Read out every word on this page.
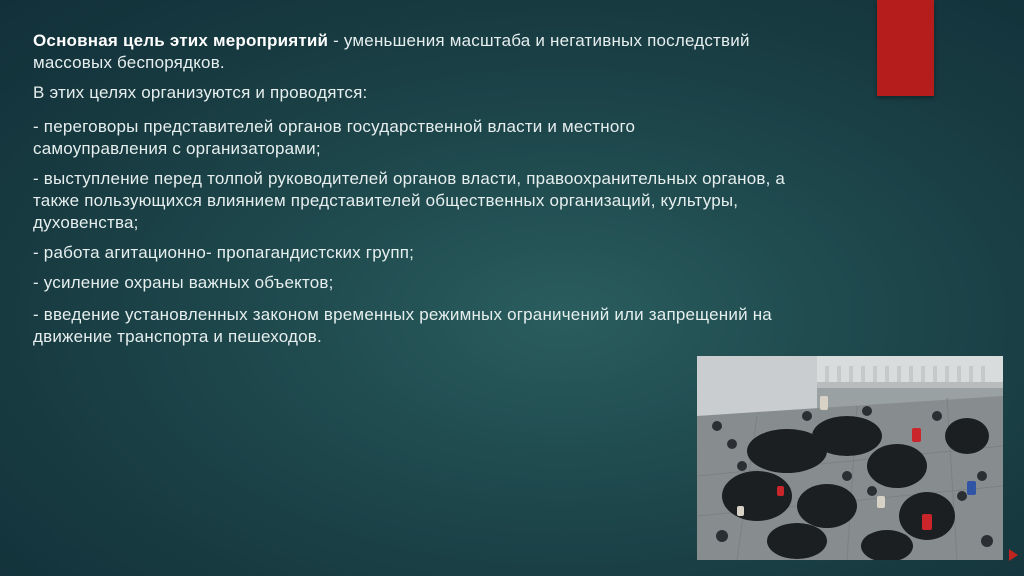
Основная цель этих мероприятий - уменьшения масштаба и негативных последствий массовых беспорядков.

В этих целях организуются и проводятся:

- переговоры представителей органов государственной власти и местного самоуправления с организаторами;

- выступление перед толпой руководителей органов власти, правоохранительных органов, а также пользующихся влиянием представителей общественных организаций, культуры, духовенства;

- работа агитационно- пропагандистских групп;

- усиление охраны важных объектов;

- введение установленных законом временных режимных ограничений или запрещений на движение транспорта и пешеходов.
